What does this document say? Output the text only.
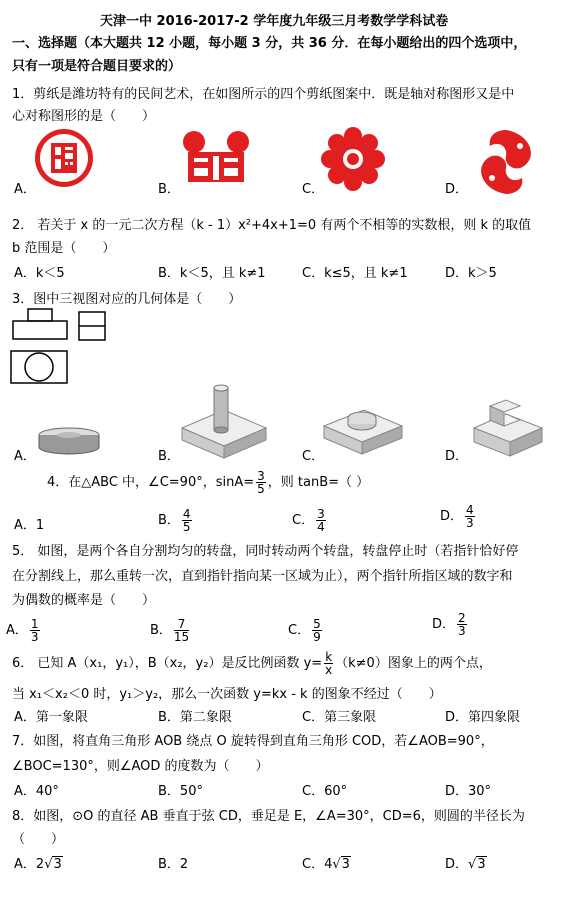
天津一中 2016-2017-2 学年度九年级三月考数学学科试卷
一、选择题（本大题共 12 小题，每小题 3 分，共 36 分．在每小题给出的四个选项中，
只有一项是符合题目要求的）
1．剪纸是潍坊特有的民间艺术，在如图所示的四个剪纸图案中．既是轴对称图形又是中
心对称图形的是（　　）
A．	B．	C．	D．
2． 若关于 x 的一元二次方程（k - 1）x²+4x+1=0 有两个不相等的实数根，则 k 的取值
b 范围是（　　）
A．k＜5	B．k＜5，且 k≠1	C．k≤5，且 k≠1	D．k＞5
3．图中三视图对应的几何体是（　　）
A．	B．	C．	D．
4．在△ABC 中，∠C=90°，$\sin A= \frac{3}{5}$ ，则 tanB=（ ）
A．1	B． $\frac{4}{5}$	C． $\frac{3}{4}$	D． $\frac{4}{3}$
5． 如图，是两个各自分割均匀的转盘，同时转动两个转盘，转盘停止时（若指针恰好停
在分割线上，那么重转一次，直到指针指向某一区域为止），两个指针所指区域的数字和
为偶数的概率是（　　）
A． $\frac{1}{3}$	B． $\frac{7}{15}$	C． $\frac{5}{9}$	D． $\frac{2}{3}$
6． 已知 A（x₁，y₁），B（x₂，y₂）是反比例函数 $y= \frac{k}{x} (k\ne 0)$图象上的两个点，
当 x₁＜x₂＜0 时，y₁＞y₂，那么一次函数 y=kx - k 的图象不经过（　　）
A．第一象限	B．第二象限	C．第三象限	D．第四象限
7．如图，将直角三角形 AOB 绕点 O 旋转得到直角三角形 COD，若∠AOB=90°，
∠BOC=130°，则∠AOD 的度数为（　　）
A．40°	B．50°	C．60°	D．30°
8．如图，⊙O 的直径 AB 垂直于弦 CD，垂足是 E，∠A=30°，CD=6，则圆的半径长为
（　　）
A．2√3	B．2	C．4√3	D．√3
